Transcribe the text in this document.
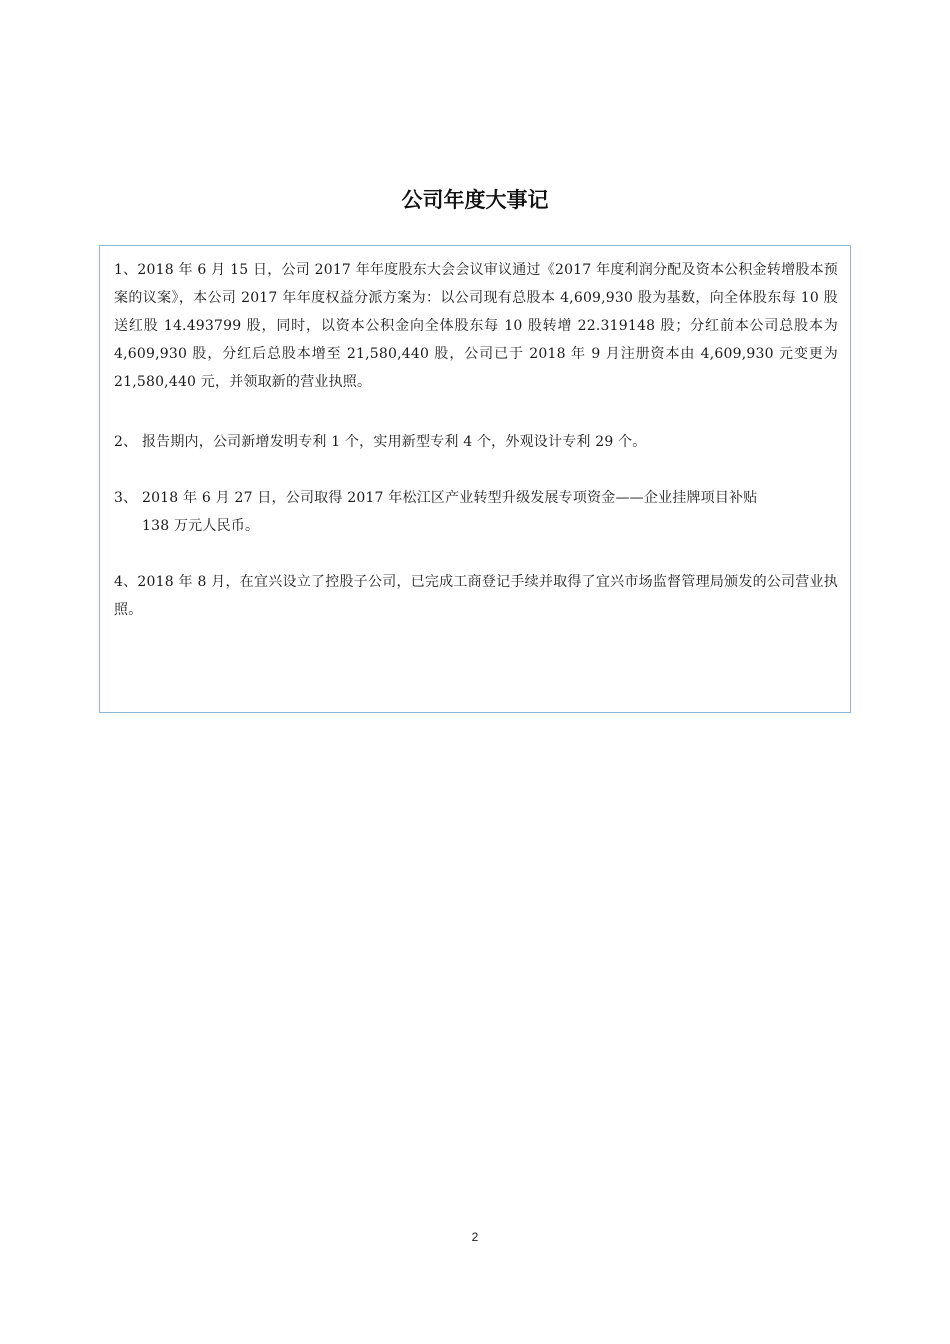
公司年度大事记

1、2018 年 6 月 15 日，公司 2017 年年度股东大会会议审议通过《2017 年度利润分配及资本公积金转增股本预案的议案》，本公司 2017 年年度权益分派方案为：以公司现有总股本 4,609,930 股为基数，向全体股东每 10 股送红股 14.493799 股，同时，以资本公积金向全体股东每 10 股转增 22.319148 股；分红前本公司总股本为 4,609,930 股，分红后总股本增至 21,580,440 股，公司已于 2018 年 9 月注册资本由 4,609,930 元变更为 21,580,440 元，并领取新的营业执照。

2、 报告期内，公司新增发明专利 1 个，实用新型专利 4 个，外观设计专利 29 个。

3、 2018 年 6 月 27 日，公司取得 2017 年松江区产业转型升级发展专项资金——企业挂牌项目补贴
138 万元人民币。

4、2018 年 8 月，在宜兴设立了控股子公司，已完成工商登记手续并取得了宜兴市场监督管理局颁发的公司营业执照。

2
